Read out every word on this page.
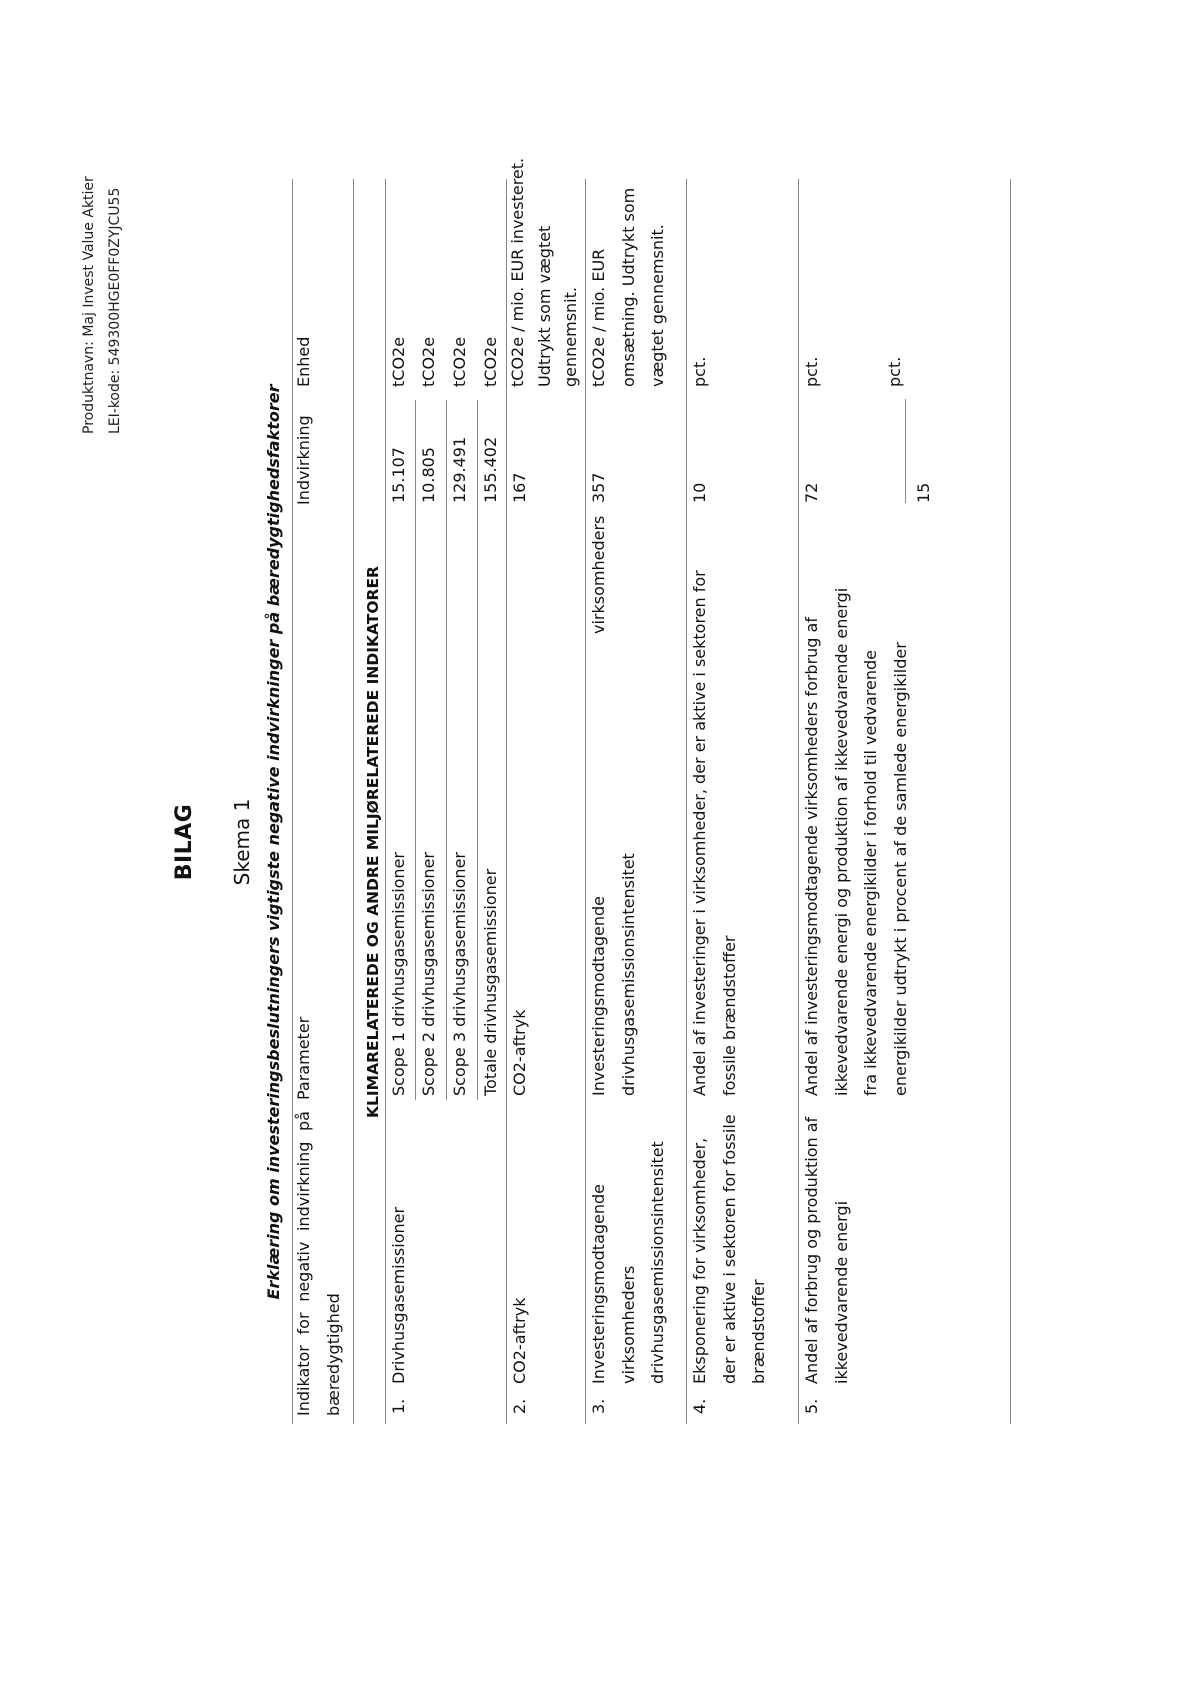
Produktnavn: Maj Invest Value Aktier LEI-kode: 549300HGE0FF0ZYJCU55
BILAG Skema 1 Erklæring om investeringsbeslutningers vigtigste negative indvirkninger på bæredygtighedsfaktorer Indikator for negativ indvirkning på bæredygtighed
Parameter
Indvirkning
Enhed
KLIMARELATEREDE OG ANDRE MILJØRELATEREDE INDIKATORER
1.
Drivhusgasemissioner
Scope 1 drivhusgasemissioner
15.107
tCO2e
Scope 2 drivhusgasemissioner
10.805
tCO2e
Scope 3 drivhusgasemissioner
129.491
tCO2e
Totale drivhusgasemissioner
155.402
tCO2e
2.
CO2-aftryk
CO2-aftryk
167
tCO2e / mio. EUR investeret. Udtrykt som vægtet gennemsnit.
3.
Investeringsmodtagende virksomheders drivhusgasemissionsintensitet
Investeringsmodtagende drivhusgasemissionsintensitet
virksomheders
357
tCO2e / mio. EUR omsætning. Udtrykt som vægtet gennemsnit.
4.
Eksponering for virksomheder, der er aktive i sektoren for fossile brændstoffer
Andel af investeringer i virksomheder, der er aktive i sektoren for fossile brændstoffer
10
pct.
5.
Andel af forbrug og produktion af ikkevedvarende energi
Andel af investeringsmodtagende virksomheders forbrug af ikkevedvarende energi og produktion af ikkevedvarende energi fra ikkevedvarende energikilder i forhold til vedvarende energikilder udtrykt i procent af de samlede energikilder
72
pct.
15
pct.
